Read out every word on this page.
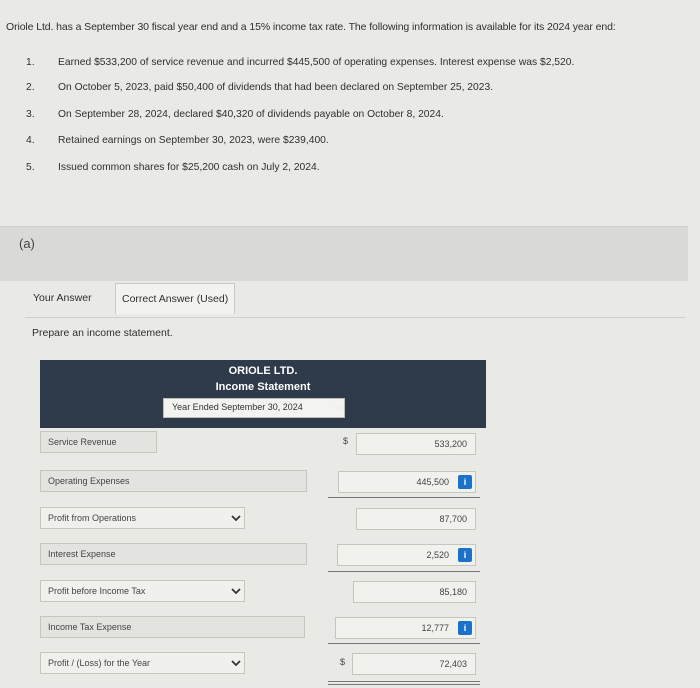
Oriole Ltd. has a September 30 fiscal year end and a 15% income tax rate. The following information is available for its 2024 year end:
1.	Earned $533,200 of service revenue and incurred $445,500 of operating expenses. Interest expense was $2,520.
2.	On October 5, 2023, paid $50,400 of dividends that had been declared on September 25, 2023.
3.	On September 28, 2024, declared $40,320 of dividends payable on October 8, 2024.
4.	Retained earnings on September 30, 2023, were $239,400.
5.	Issued common shares for $25,200 cash on July 2, 2024.
(a)
Your Answer	Correct Answer (Used)
Prepare an income statement.
ORIOLE LTD.
Income Statement
Year Ended September 30, 2024
Service Revenue	$	533,200
Operating Expenses	445,500	i
Profit from Operations	87,700
Interest Expense	2,520	i
Profit before Income Tax	85,180
Income Tax Expense	12,777	i
Profit / (Loss) for the Year	$	72,403
